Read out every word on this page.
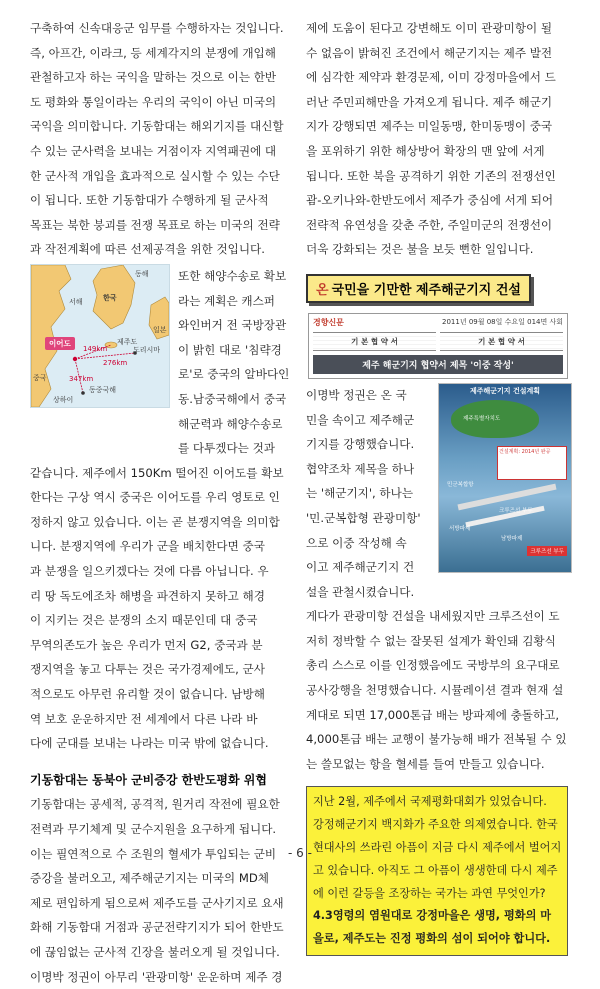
구축하여 신속대응군 임무를 수행하자는 것입니다.
즉, 아프간, 이라크, 등 세계각지의 분쟁에 개입해
관철하고자 하는 국익을 말하는 것으로 이는 한반
도 평화와 통일이라는 우리의 국익이 아닌 미국의
국익을 의미합니다. 기동함대는 해외기지를 대신할
수 있는 군사력을 보내는 거점이자 지역패권에 대
한 군사적 개입을 효과적으로 실시할 수 있는 수단
이 됩니다. 또한 기동함대가 수행하게 될 군사적
목표는 북한 붕괴를 전쟁 목표로 하는 미국의 전략
과 작전계획에 따른 선제공격을 위한 것입니다.

동해
서해	한국
일본
제주도
도리시마
중국
상하이
동중국해
149km
276km
347km
이어도

또한 해양수송로 확보
라는 계획은 캐스퍼
와인버거 전 국방장관
이 밝힌 대로 '침략경
로'로 중국의 알바다인
동.남중국해에서 중국
해군력과 해양수송로
를 다투겠다는 것과

같습니다. 제주에서 150Km 떨어진 이어도를 확보
한다는 구상 역시 중국은 이어도를 우리 영토로 인
정하지 않고 있습니다. 이는 곧 분쟁지역을 의미합
니다. 분쟁지역에 우리가 군을 배치한다면 중국
과 분쟁을 일으키겠다는 것에 다름 아닙니다. 우
리 땅 독도에조차 해병을 파견하지 못하고 해경
이 지키는 것은 분쟁의 소지 때문인데 대 중국
무역의존도가 높은 우리가 먼저 G2, 중국과 분
쟁지역을 놓고 다투는 것은 국가경제에도, 군사
적으로도 아무런 유리할 것이 없습니다. 남방해
역 보호 운운하지만 전 세계에서 다른 나라 바
다에 군대를 보내는 나라는 미국 밖에 없습니다.

기동함대는 동북아 군비증강 한반도평화 위협

기동함대는 공세적, 공격적, 원거리 작전에 필요한
전력과 무기체계 및 군수지원을 요구하게 됩니다.
이는 필연적으로 수 조원의 혈세가 투입되는 군비
증강을 불러오고, 제주해군기지는 미국의 MD체
제로 편입하게 됨으로써 제주도를 군사기지로 요새
화해 기동함대 거점과 공군전략기지가 되어 한반도
에 끊임없는 군사적 긴장을 불러오게 될 것입니다.
이명박 정권이 아무리 '관광미항' 운운하며 제주 경

제에 도움이 된다고 강변해도 이미 관광미항이 될
수 없음이 밝혀진 조건에서 해군기지는 제주 발전
에 심각한 제약과 환경문제, 이미 강정마을에서 드
러난 주민피해만을 가져오게 됩니다. 제주 해군기
지가 강행되면 제주는 미일동맹, 한미동맹이 중국
을 포위하기 위한 해상방어 확장의 맨 앞에 서게
됩니다. 또한 북을 공격하기 위한 기존의 전쟁선인
괌-오키나와-한반도에서 제주가 중심에 서게 되어
전략적 유연성을 갖춘 주한, 주일미군의 전쟁선이
더욱 강화되는 것은 불을 보듯 뻔한 일입니다.

온 국민을 기만한 제주해군기지 건설
경향신문	2011년 09월 08일 수요일 014면 사회
기 본 협 약 서	기 본 협 약 서
제주 해군기지 협약서 제목 '이중 작성'

이명박 정권은 온 국
민을 속이고 제주해군
기지를 강행했습니다.
협약조차 제목을 하나
는 '해군기지', 하나는
'민.군복합형 관광미항'
으로 이중 작성해 속
이고 제주해군기지 건
설을 관철시켰습니다.

제주해군기지 건설계획
제주특별자치도
건설계획: 2014년 완공
민군복합항
크루즈선 부두
서방파제
남방파제
크루즈선 부두

게다가 관광미항 건설을 내세웠지만 크루즈선이 도
저히 정박할 수 없는 잘못된 설계가 확인돼 김황식
총리 스스로 이를 인정했음에도 국방부의 요구대로
공사강행을 천명했습니다. 시뮬레이션 결과 현재 설
계대로 되면 17,000톤급 배는 방파제에 충돌하고,
4,000톤급 배는 교행이 불가능해 배가 전복될 수 있
는 쓸모없는 항을 혈세를 들여 만들고 있습니다.

지난 2월, 제주에서 국제평화대회가 있었습니다.
강정해군기지 백지화가 주요한 의제였습니다. 한국
현대사의 쓰라린 아픔이 지금 다시 제주에서 벌어지
고 있습니다. 아직도 그 아픔이 생생한데 다시 제주
에 이런 갈등을 조장하는 국가는 과연 무엇인가?
4.3영령의 염원대로 강정마을은 생명, 평화의 마
을로, 제주도는 진정 평화의 섬이 되어야 합니다.

- 6 -
